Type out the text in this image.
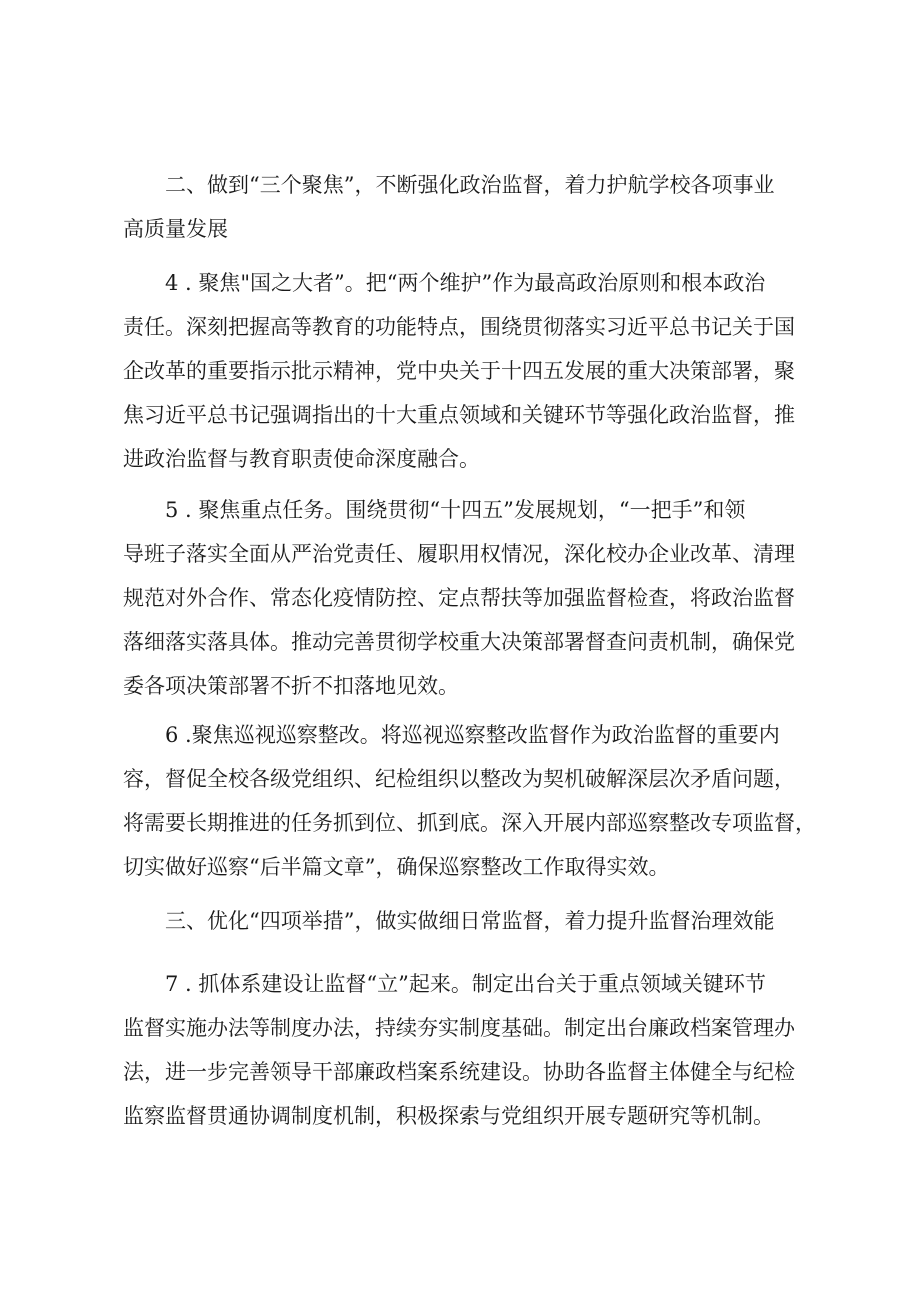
二、做到“三个聚焦”，不断强化政治监督，着力护航学校各项事业
高质量发展
4 . 聚焦"国之大者”。把“两个维护”作为最高政治原则和根本政治
责任。深刻把握高等教育的功能特点，围绕贯彻落实习近平总书记关于国
企改革的重要指示批示精神，党中央关于十四五发展的重大决策部署，聚
焦习近平总书记强调指出的十大重点领域和关键环节等强化政治监督，推
进政治监督与教育职责使命深度融合。
5 . 聚焦重点任务。围绕贯彻“十四五”发展规划，“一把手”和领
导班子落实全面从严治党责任、履职用权情况，深化校办企业改革、清理
规范对外合作、常态化疫情防控、定点帮扶等加强监督检查，将政治监督
落细落实落具体。推动完善贯彻学校重大决策部署督查问责机制，确保党
委各项决策部署不折不扣落地见效。
6 .聚焦巡视巡察整改。将巡视巡察整改监督作为政治监督的重要内
容，督促全校各级党组织、纪检组织以整改为契机破解深层次矛盾问题，
将需要长期推进的任务抓到位、抓到底。深入开展内部巡察整改专项监督，
切实做好巡察“后半篇文章”，确保巡察整改工作取得实效。
三、优化“四项举措”，做实做细日常监督，着力提升监督治理效能
7 . 抓体系建设让监督“立”起来。制定出台关于重点领域关键环节
监督实施办法等制度办法，持续夯实制度基础。制定出台廉政档案管理办
法，进一步完善领导干部廉政档案系统建设。协助各监督主体健全与纪检
监察监督贯通协调制度机制，积极探索与党组织开展专题研究等机制。
